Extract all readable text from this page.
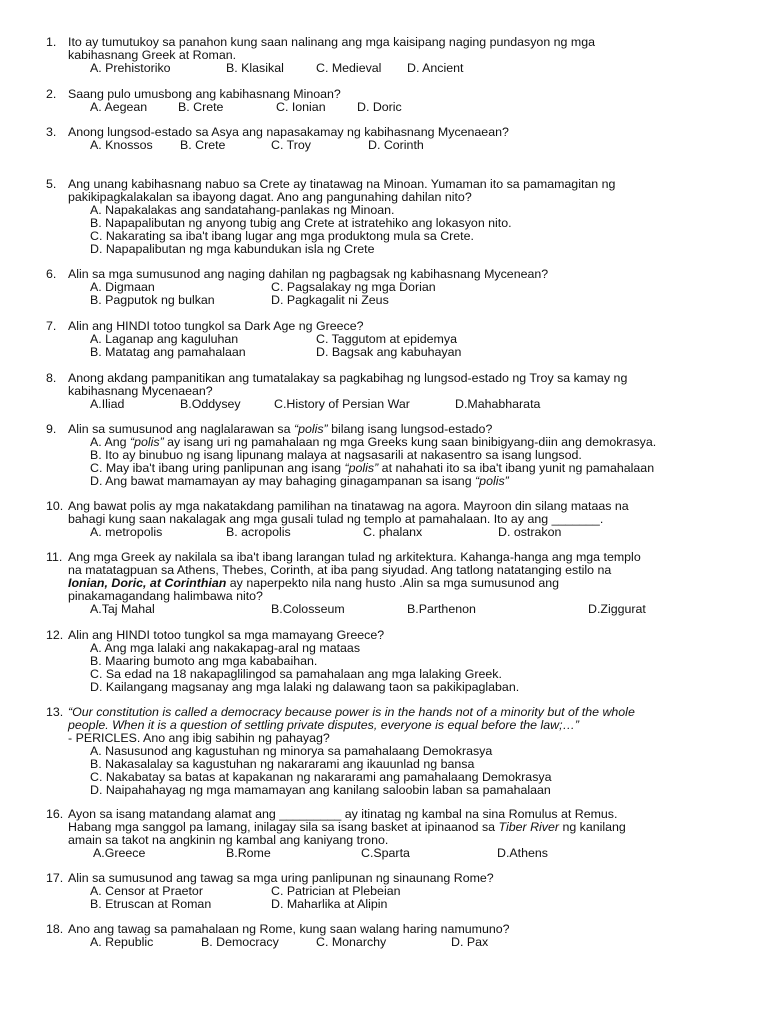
1. Ito ay tumutukoy sa panahon kung saan nalinang ang mga kaisipang naging pundasyon ng mga
kabihasnang Greek at Roman.
A. Prehistoriko	B. Klasikal	C. Medieval D. Ancient
2. Saang pulo umusbong ang kabihasnang Minoan?
A. Aegean B. Crete	C. Ionian	D. Doric
3. Anong lungsod-estado sa Asya ang napasakamay ng kabihasnang Mycenaean?
A. Knossos B. Crete	C. Troy	D. Corinth
5. Ang unang kabihasnang nabuo sa Crete ay tinatawag na Minoan. Yumaman ito sa pamamagitan ng
pakikipagkalakalan sa ibayong dagat. Ano ang pangunahing dahilan nito?
A. Napakalakas ang sandatahang-panlakas ng Minoan.
B. Napapalibutan ng anyong tubig ang Crete at istratehiko ang lokasyon nito.
C. Nakarating sa iba't ibang lugar ang mga produktong mula sa Crete.
D. Napapalibutan ng mga kabundukan isla ng Crete
6. Alin sa mga sumusunod ang naging dahilan ng pagbagsak ng kabihasnang Mycenean?
A. Digmaan	C. Pagsalakay ng mga Dorian
B. Pagputok ng bulkan	D. Pagkagalit ni Zeus
7. Alin ang HINDI totoo tungkol sa Dark Age ng Greece?
A. Laganap ang kaguluhan	C. Taggutom at epidemya
B. Matatag ang pamahalaan	D. Bagsak ang kabuhayan
8. Anong akdang pampanitikan ang tumatalakay sa pagkabihag ng lungsod-estado ng Troy sa kamay ng
kabihasnang Mycenaean?
A.Iliad	B.Oddysey	C.History of Persian War	D.Mahabharata
9. Alin sa sumusunod ang naglalarawan sa “polis” bilang isang lungsod-estado?
A. Ang “polis” ay isang uri ng pamahalaan ng mga Greeks kung saan binibigyang-diin ang demokrasya.
B. Ito ay binubuo ng isang lipunang malaya at nagsasarili at nakasentro sa isang lungsod.
C. May iba't ibang uring panlipunan ang isang “polis” at nahahati ito sa iba't ibang yunit ng pamahalaan
D. Ang bawat mamamayan ay may bahaging ginagampanan sa isang “polis”
10. Ang bawat polis ay mga nakatakdang pamilihan na tinatawag na agora. Mayroon din silang mataas na
bahagi kung saan nakalagak ang mga gusali tulad ng templo at pamahalaan. Ito ay ang _______.
A. metropolis	B. acropolis	C. phalanx	D. ostrakon
11. Ang mga Greek ay nakilala sa iba't ibang larangan tulad ng arkitektura. Kahanga-hanga ang mga templo
na matatagpuan sa Athens, Thebes, Corinth, at iba pang siyudad. Ang tatlong natatanging estilo na
Ionian, Doric, at Corinthian ay naperpekto nila nang husto .Alin sa mga sumusunod ang
pinakamagandang halimbawa nito?
A.Taj Mahal	B.Colosseum	B.Parthenon	D.Ziggurat
12. Alin ang HINDI totoo tungkol sa mga mamayang Greece?
A. Ang mga lalaki ang nakakapag-aral ng mataas
B. Maaring bumoto ang mga kababaihan.
C. Sa edad na 18 nakapaglilingod sa pamahalaan ang mga lalaking Greek.
D. Kailangang magsanay ang mga lalaki ng dalawang taon sa pakikipaglaban.
13. “Our constitution is called a democracy because power is in the hands not of a minority but of the whole
people. When it is a question of settling private disputes, everyone is equal before the law;…”
- PERICLES. Ano ang ibig sabihin ng pahayag?
A. Nasusunod ang kagustuhan ng minorya sa pamahalaang Demokrasya
B. Nakasalalay sa kagustuhan ng nakararami ang ikauunlad ng bansa
C. Nakabatay sa batas at kapakanan ng nakararami ang pamahalaang Demokrasya
D. Naipahahayag ng mga mamamayan ang kanilang saloobin laban sa pamahalaan
16. Ayon sa isang matandang alamat ang _________ ay itinatag ng kambal na sina Romulus at Remus.
Habang mga sanggol pa lamang, inilagay sila sa isang basket at ipinaanod sa Tiber River ng kanilang
amain sa takot na angkinin ng kambal ang kaniyang trono.
A.Greece	B.Rome	C.Sparta	D.Athens
17. Alin sa sumusunod ang tawag sa mga uring panlipunan ng sinaunang Rome?
A. Censor at Praetor	C. Patrician at Plebeian
B. Etruscan at Roman	D. Maharlika at Alipin
18. Ano ang tawag sa pamahalaan ng Rome, kung saan walang haring namumuno?
A. Republic	B. Democracy	C. Monarchy	D. Pax
